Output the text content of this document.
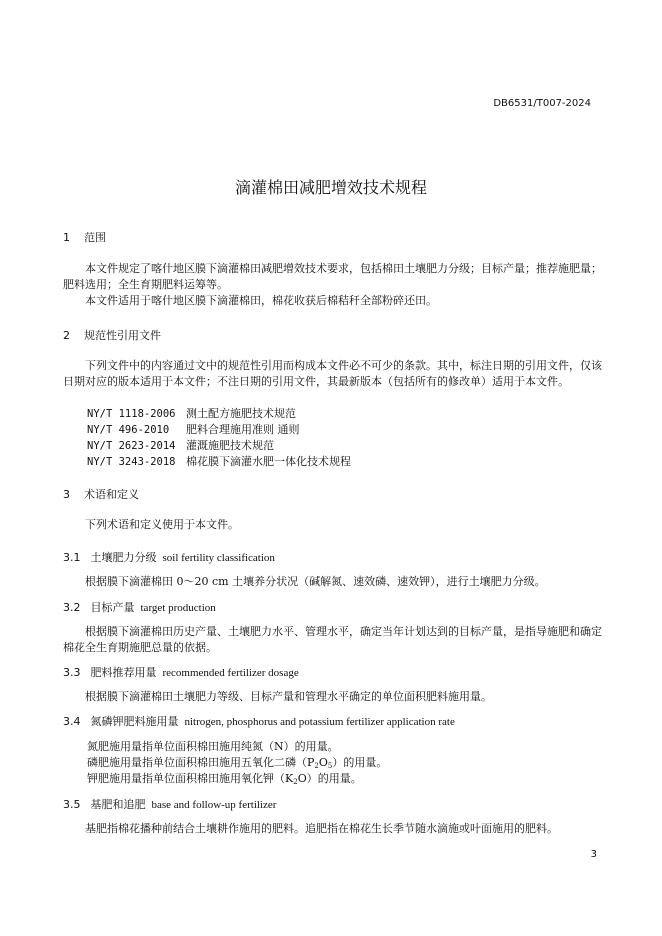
DB6531/T007-2024
滴灌棉田减肥增效技术规程
1 范围
本文件规定了喀什地区膜下滴灌棉田减肥增效技术要求，包括棉田土壤肥力分级；目标产量；推荐施肥量；肥料选用；全生育期肥料运筹等。
本文件适用于喀什地区膜下滴灌棉田，棉花收获后棉秸秆全部粉碎还田。
2 规范性引用文件
下列文件中的内容通过文中的规范性引用而构成本文件必不可少的条款。其中，标注日期的引用文件，仅该日期对应的版本适用于本文件；不注日期的引用文件，其最新版本（包括所有的修改单）适用于本文件。
NY/T 1118-2006 测土配方施肥技术规范
NY/T 496-2010 肥料合理施用准则 通则
NY/T 2623-2014 灌溉施肥技术规范
NY/T 3243-2018 棉花膜下滴灌水肥一体化技术规程
3 术语和定义
下列术语和定义使用于本文件。
3.1 土壤肥力分级 soil fertility classification
根据膜下滴灌棉田 0～20 cm 土壤养分状况（碱解氮、速效磷、速效钾），进行土壤肥力分级。
3.2 目标产量 target production
根据膜下滴灌棉田历史产量、土壤肥力水平、管理水平，确定当年计划达到的目标产量，是指导施肥和确定棉花全生育期施肥总量的依据。
3.3 肥料推荐用量 recommended fertilizer dosage
根据膜下滴灌棉田土壤肥力等级、目标产量和管理水平确定的单位面积肥料施用量。
3.4 氮磷钾肥料施用量 nitrogen, phosphorus and potassium fertilizer application rate
氮肥施用量指单位面积棉田施用纯氮（N）的用量。
磷肥施用量指单位面积棉田施用五氧化二磷$(P_2O_5)$的用量。
钾肥施用量指单位面积棉田施用氧化钾$(K_2O)$的用量。
3.5 基肥和追肥 base and follow-up fertilizer
基肥指棉花播种前结合土壤耕作施用的肥料。追肥指在棉花生长季节随水滴施或叶面施用的肥料。
3
